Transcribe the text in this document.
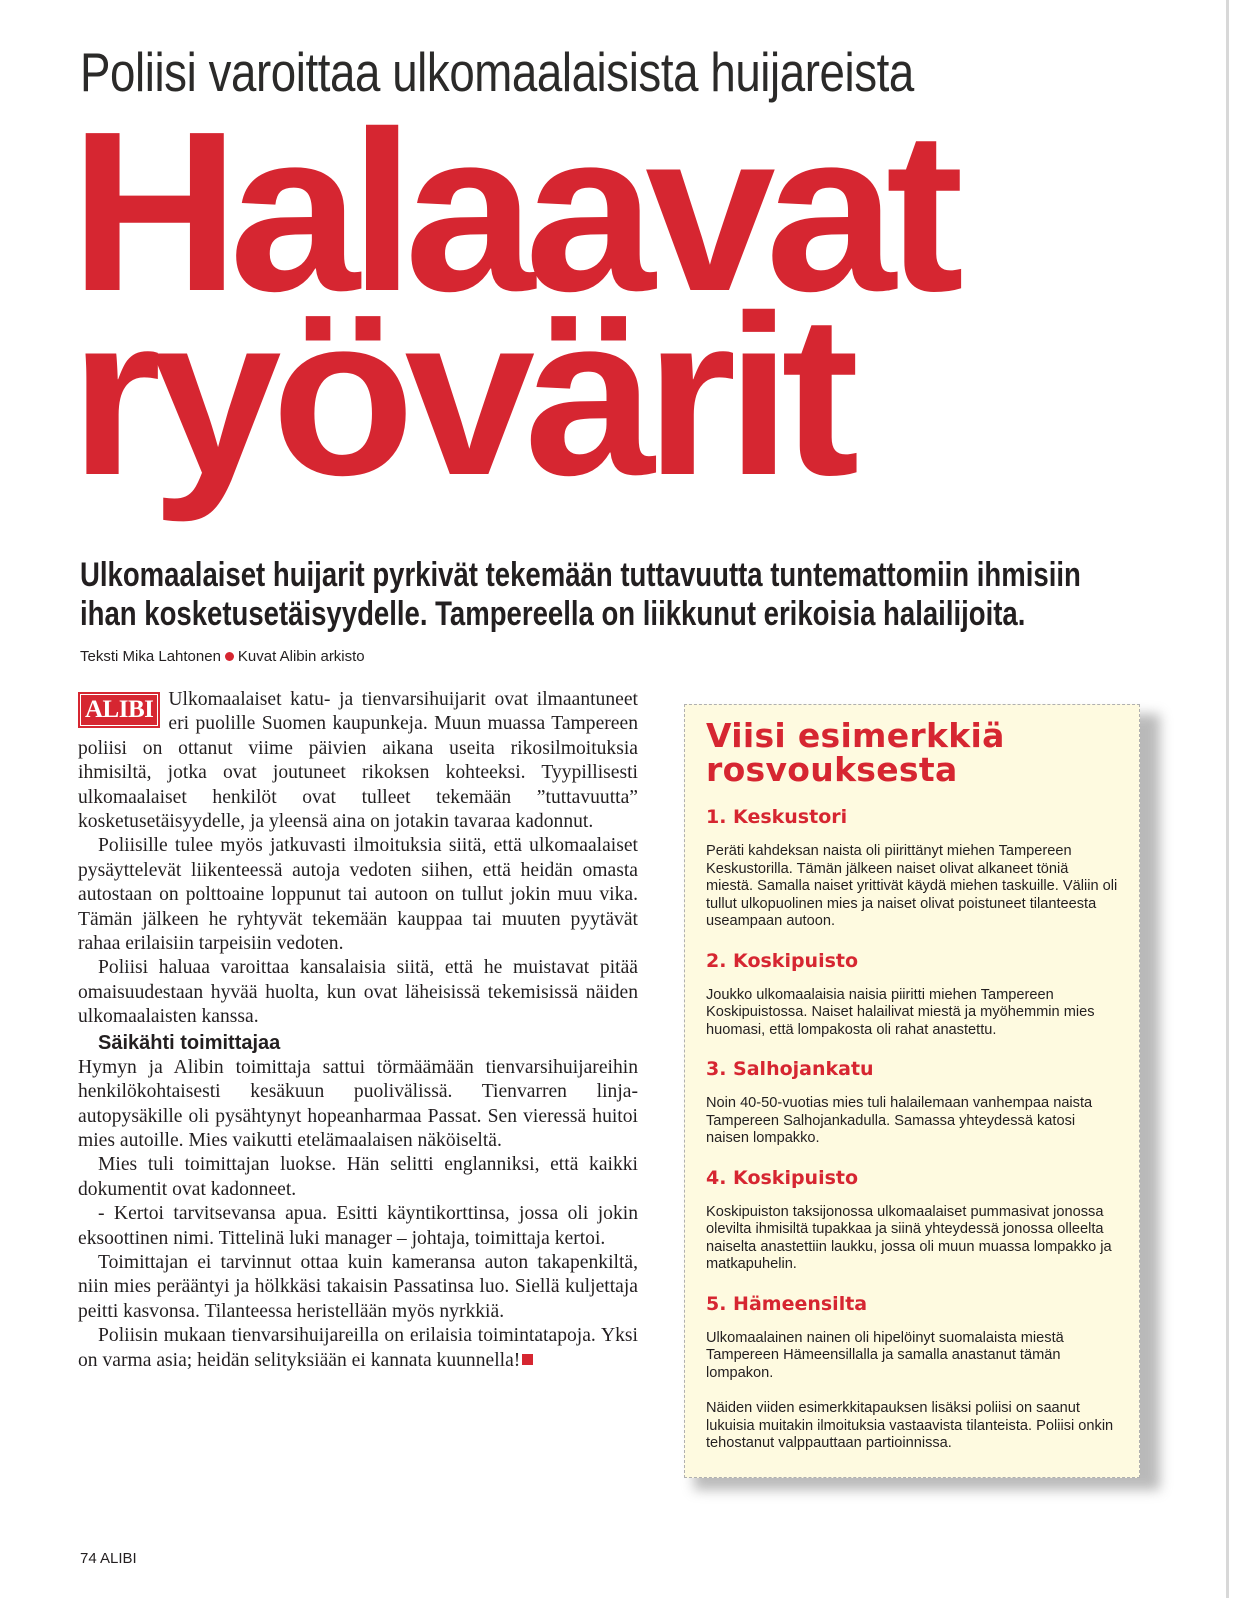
Poliisi varoittaa ulkomaalaisista huijareista
Halaavat
ryövärit
Ulkomaalaiset huijarit pyrkivät tekemään tuttavuutta tuntemattomiin ihmisiin
ihan kosketusetäisyydelle. Tampereella on liikkunut erikoisia halailijoita.
Teksti Mika Lahtonen Kuvat Alibin arkisto

ALIBI Ulkomaalaiset katu- ja tienvarsihuijarit ovat ilmaantuneet eri puolille Suomen kaupunkeja. Muun muassa Tampereen poliisi on ottanut viime päivien aikana useita rikosilmoituksia ihmisiltä, jotka ovat joutuneet rikoksen kohteeksi. Tyypillisesti ulkomaalaiset henkilöt ovat tulleet tekemään ”tuttavuutta” kosketusetäisyydelle, ja yleensä aina on jotakin tavaraa kadonnut.

Poliisille tulee myös jatkuvasti ilmoituksia siitä, että ulkomaalaiset pysäyttelevät liikenteessä autoja vedoten siihen, että heidän omasta autostaan on polttoaine loppunut tai autoon on tullut jokin muu vika. Tämän jälkeen he ryhtyvät tekemään kauppaa tai muuten pyytävät rahaa erilaisiin tarpeisiin vedoten.

Poliisi haluaa varoittaa kansalaisia siitä, että he muistavat pitää omaisuudestaan hyvää huolta, kun ovat läheisissä tekemisissä näiden ulkomaalaisten kanssa.

Säikähti toimittajaa

Hymyn ja Alibin toimittaja sattui törmäämään tienvarsihuijareihin henkilökohtaisesti kesäkuun puolivälissä. Tienvarren linja-autopysäkille oli pysähtynyt hopeanharmaa Passat. Sen vieressä huitoi mies autoille. Mies vaikutti etelämaalaisen näköiseltä.

Mies tuli toimittajan luokse. Hän selitti englanniksi, että kaikki dokumentit ovat kadonneet.

- Kertoi tarvitsevansa apua. Esitti käyntikorttinsa, jossa oli jokin eksoottinen nimi. Tittelinä luki manager – johtaja, toimittaja kertoi.

Toimittajan ei tarvinnut ottaa kuin kameransa auton takapenkiltä, niin mies perääntyi ja hölkkäsi takaisin Passatinsa luo. Siellä kuljettaja peitti kasvonsa. Tilanteessa heristellään myös nyrkkiä.

Poliisin mukaan tienvarsihuijareilla on erilaisia toimintatapoja. Yksi on varma asia; heidän selityksiään ei kannata kuunnella!

Viisi esimerkkiä
rosvouksesta
1. Keskustori

Peräti kahdeksan naista oli piirittänyt miehen Tampereen Keskustorilla. Tämän jälkeen naiset olivat alkaneet töniä miestä. Samalla naiset yrittivät käydä miehen taskuille. Väliin oli tullut ulkopuolinen mies ja naiset olivat poistuneet tilanteesta useampaan autoon.

2. Koskipuisto

Joukko ulkomaalaisia naisia piiritti miehen Tampereen Koskipuistossa. Naiset halailivat miestä ja myöhemmin mies huomasi, että lompakosta oli rahat anastettu.

3. Salhojankatu

Noin 40-50-vuotias mies tuli halailemaan vanhempaa naista Tampereen Salhojankadulla. Samassa yhteydessä katosi naisen lompakko.

4. Koskipuisto

Koskipuiston taksijonossa ulkomaalaiset pummasivat jonossa olevilta ihmisiltä tupakkaa ja siinä yhteydessä jonossa olleelta naiselta anastettiin laukku, jossa oli muun muassa lompakko ja matkapuhelin.

5. Hämeensilta

Ulkomaalainen nainen oli hipelöinyt suomalaista miestä Tampereen Hämeensillalla ja samalla anastanut tämän lompakon.

Näiden viiden esimerkkitapauksen lisäksi poliisi on saanut lukuisia muitakin ilmoituksia vastaavista tilanteista. Poliisi onkin tehostanut valppauttaan partioinnissa.

74 ALIBI
